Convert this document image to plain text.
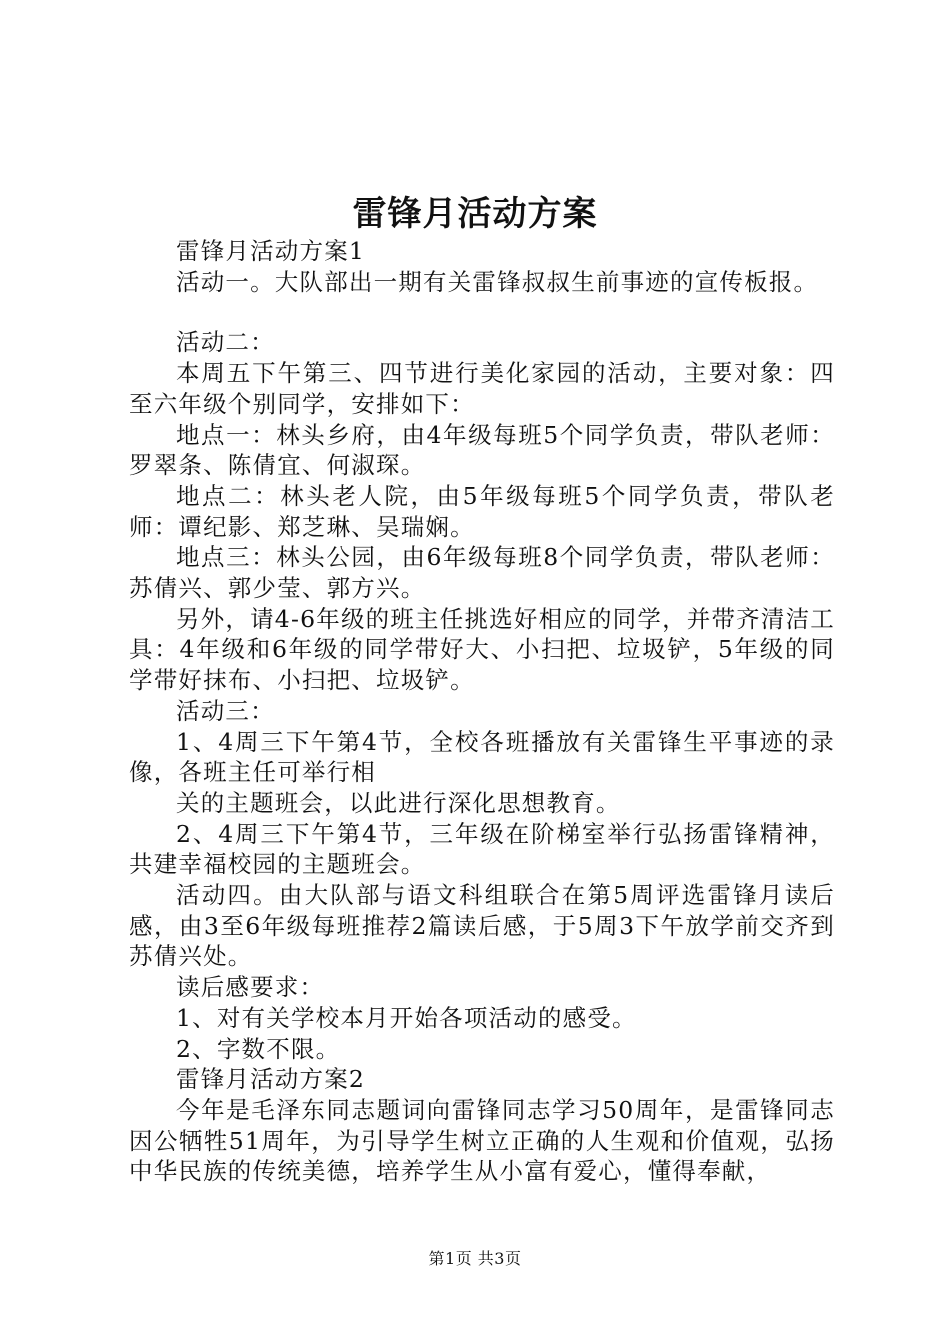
雷锋月活动方案

雷锋月活动方案1

活动一。大队部出一期有关雷锋叔叔生前事迹的宣传板报。

活动二：

本周五下午第三、四节进行美化家园的活动，主要对象：四至六年级个别同学，安排如下：

地点一：林头乡府，由4年级每班5个同学负责，带队老师：罗翠条、陈倩宜、何淑琛。

地点二：林头老人院，由5年级每班5个同学负责，带队老师：谭纪影、郑芝琳、吴瑞娴。

地点三：林头公园，由6年级每班8个同学负责，带队老师：苏倩兴、郭少莹、郭方兴。

另外，请4-6年级的班主任挑选好相应的同学，并带齐清洁工具：4年级和6年级的同学带好大、小扫把、垃圾铲，5年级的同学带好抹布、小扫把、垃圾铲。

活动三：

1、4周三下午第4节，全校各班播放有关雷锋生平事迹的录像，各班主任可举行相

关的主题班会，以此进行深化思想教育。

2、4周三下午第4节，三年级在阶梯室举行弘扬雷锋精神，共建幸福校园的主题班会。

活动四。由大队部与语文科组联合在第5周评选雷锋月读后感，由3至6年级每班推荐2篇读后感，于5周3下午放学前交齐到苏倩兴处。

读后感要求：

1、对有关学校本月开始各项活动的感受。

2、字数不限。

雷锋月活动方案2

今年是毛泽东同志题词向雷锋同志学习50周年，是雷锋同志因公牺牲51周年，为引导学生树立正确的人生观和价值观，弘扬中华民族的传统美德，培养学生从小富有爱心，懂得奉献，

第1页 共3页
